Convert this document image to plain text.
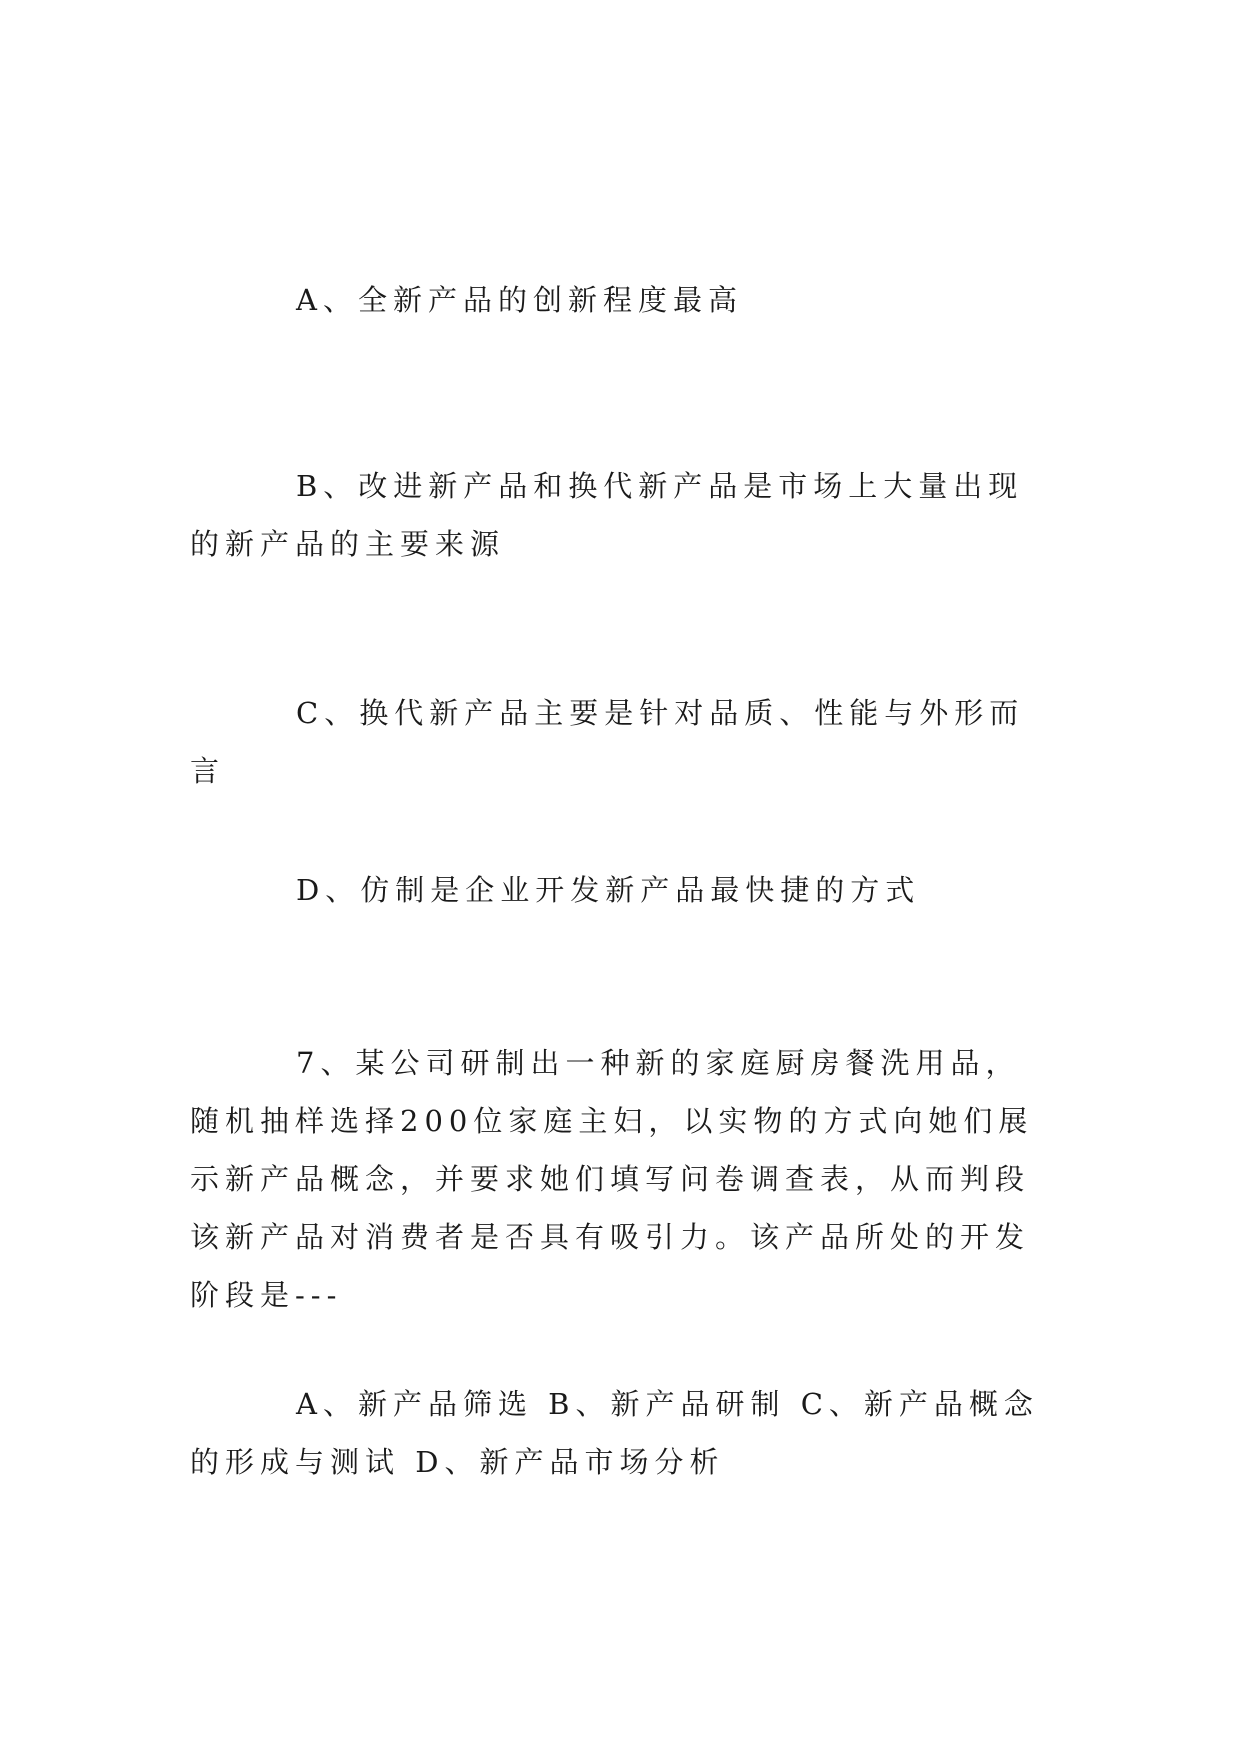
A、全新产品的创新程度最高

B、改进新产品和换代新产品是市场上大量出现的新产品的主要来源

C、换代新产品主要是针对品质、性能与外形而言

D、仿制是企业开发新产品最快捷的方式

7、某公司研制出一种新的家庭厨房餐洗用品，随机抽样选择200位家庭主妇，以实物的方式向她们展示新产品概念，并要求她们填写问卷调查表，从而判段该新产品对消费者是否具有吸引力。该产品所处的开发阶段是---

A、新产品筛选 B、新产品研制 C、新产品概念的形成与测试 D、新产品市场分析
